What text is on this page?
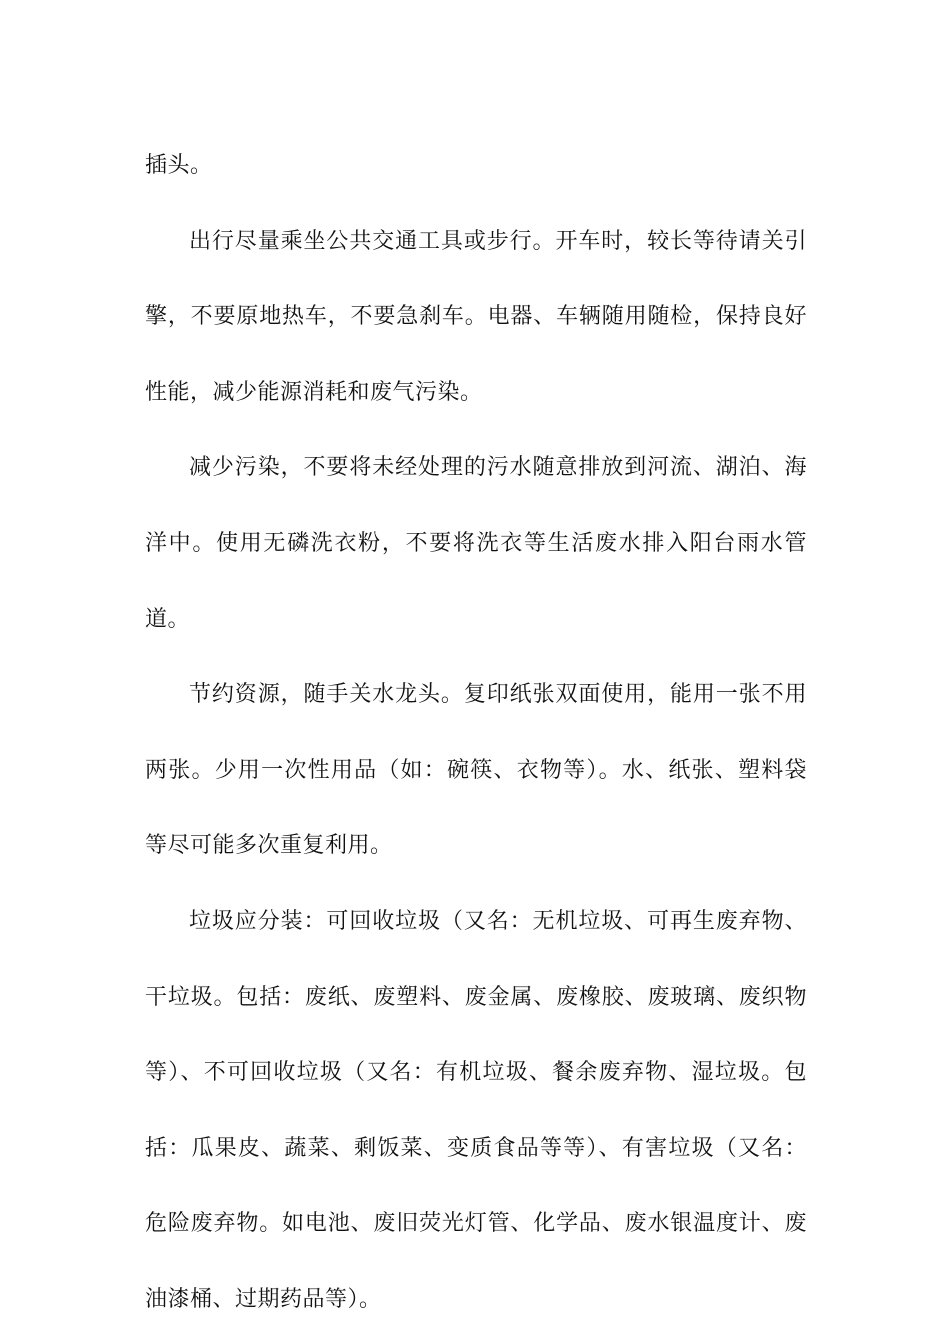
插头。

出行尽量乘坐公共交通工具或步行。开车时，较长等待请关引擎，不要原地热车，不要急刹车。电器、车辆随用随检，保持良好性能，减少能源消耗和废气污染。

减少污染，不要将未经处理的污水随意排放到河流、湖泊、海洋中。使用无磷洗衣粉，不要将洗衣等生活废水排入阳台雨水管道。

节约资源，随手关水龙头。复印纸张双面使用，能用一张不用两张。少用一次性用品（如：碗筷、衣物等）。水、纸张、塑料袋等尽可能多次重复利用。

垃圾应分装：可回收垃圾（又名：无机垃圾、可再生废弃物、干垃圾。包括：废纸、废塑料、废金属、废橡胶、废玻璃、废织物等）、不可回收垃圾（又名：有机垃圾、餐余废弃物、湿垃圾。包括：瓜果皮、蔬菜、剩饭菜、变质食品等等）、有害垃圾（又名：危险废弃物。如电池、废旧荧光灯管、化学品、废水银温度计、废油漆桶、过期药品等）。
